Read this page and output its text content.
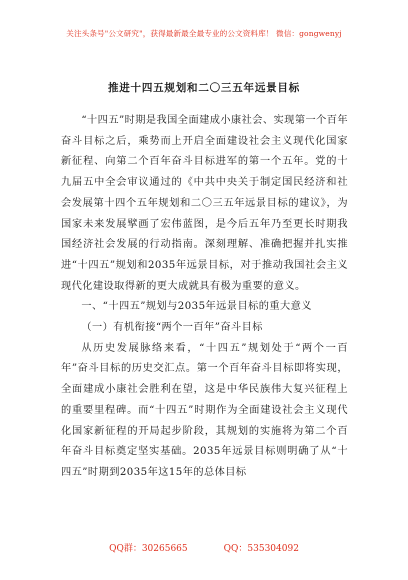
关注头条号"公文研究"，获得最新最全最专业的公文资料库！ 微信：gongwenyj
推进十四五规划和二〇三五年远景目标

“十四五”时期是我国全面建成小康社会、实现第一个百年奋斗目标之后，乘势而上开启全面建设社会主义现代化国家新征程、向第二个百年奋斗目标进军的第一个五年。党的十九届五中全会审议通过的《中共中央关于制定国民经济和社会发展第十四个五年规划和二〇三五年远景目标的建议》，为国家未来发展擘画了宏伟蓝图，是今后五年乃至更长时期我国经济社会发展的行动指南。深刻理解、准确把握并扎实推进“十四五”规划和2035年远景目标，对于推动我国社会主义现代化建设取得新的更大成就具有极为重要的意义。

一、“十四五”规划与2035年远景目标的重大意义

（一）有机衔接“两个一百年”奋斗目标

从历史发展脉络来看，“十四五”规划处于“两个一百年”奋斗目标的历史交汇点。第一个百年奋斗目标即将实现，全面建成小康社会胜利在望，这是中华民族伟大复兴征程上的重要里程碑。而“十四五”时期作为全面建设社会主义现代化国家新征程的开局起步阶段，其规划的实施将为第二个百年奋斗目标奠定坚实基础。2035年远景目标则明确了从“十四五”时期到2035年这15年的总体目标

QQ群：30265665	QQ：535304092
